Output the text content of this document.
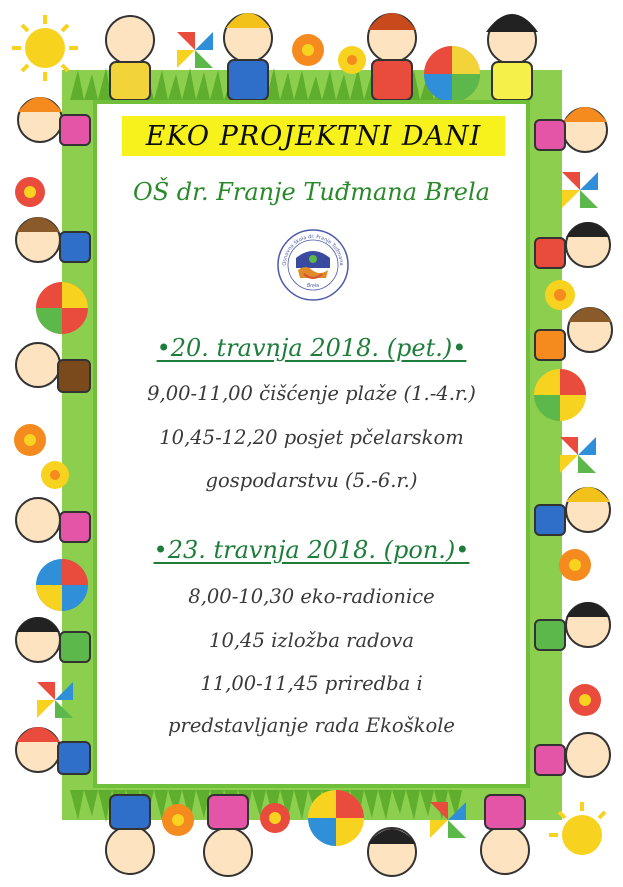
EKO PROJEKTNI DANI
OŠ dr. Franje Tuđmana Brela
Osnovna škola dr. Franje Tuđmana
Brela
•20. travnja 2018. (pet.)•
9,00-11,00 čišćenje plaže (1.-4.r.)
10,45-12,20 posjet pčelarskom
gospodarstvu (5.-6.r.)
•23. travnja 2018. (pon.)•
8,00-10,30 eko-radionice
10,45 izložba radova
11,00-11,45 priredba i
predstavljanje rada Ekoškole
